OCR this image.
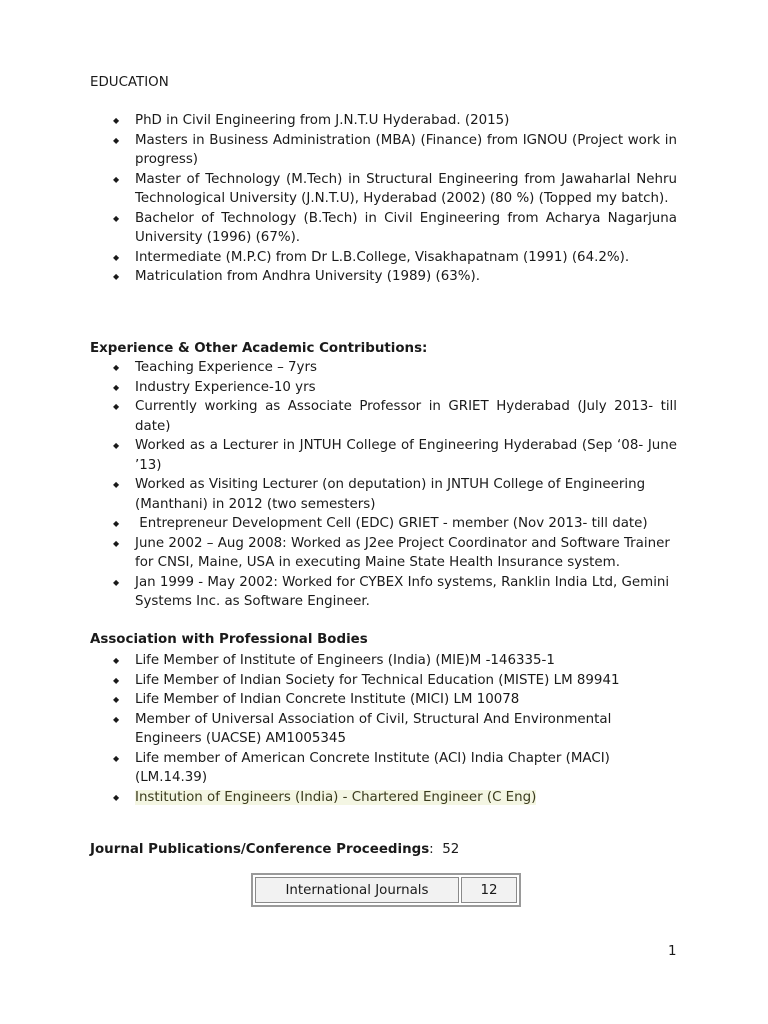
EDUCATION
◆ PhD in Civil Engineering from J.N.T.U Hyderabad. (2015)
◆ Masters in Business Administration (MBA) (Finance) from IGNOU (Project work in progress)
◆ Master of Technology (M.Tech) in Structural Engineering from Jawaharlal Nehru Technological University (J.N.T.U), Hyderabad (2002) (80 %) (Topped my batch).
◆ Bachelor of Technology (B.Tech) in Civil Engineering from Acharya Nagarjuna University (1996) (67%).
◆ Intermediate (M.P.C) from Dr L.B.College, Visakhapatnam (1991) (64.2%).
◆ Matriculation from Andhra University (1989) (63%).
Experience & Other Academic Contributions:
◆ Teaching Experience – 7yrs
◆ Industry Experience-10 yrs
◆ Currently working as Associate Professor in GRIET Hyderabad (July 2013- till date)
◆ Worked as a Lecturer in JNTUH College of Engineering Hyderabad (Sep ‘08- June ’13)
◆ Worked as Visiting Lecturer (on deputation) in JNTUH College of Engineering (Manthani) in 2012 (two semesters)
◆  Entrepreneur Development Cell (EDC) GRIET - member (Nov 2013- till date)
◆ June 2002 – Aug 2008: Worked as J2ee Project Coordinator and Software Trainer for CNSI, Maine, USA in executing Maine State Health Insurance system.
◆ Jan 1999 - May 2002: Worked for CYBEX Info systems, Ranklin India Ltd, Gemini Systems Inc. as Software Engineer.
Association with Professional Bodies
◆ Life Member of Institute of Engineers (India) (MIE)M -146335-1
◆ Life Member of Indian Society for Technical Education (MISTE) LM 89941
◆ Life Member of Indian Concrete Institute (MICI) LM 10078
◆ Member of Universal Association of Civil, Structural And Environmental Engineers (UACSE) AM1005345
◆ Life member of American Concrete Institute (ACI) India Chapter (MACI) (LM.14.39)
◆ Institution of Engineers (India) - Chartered Engineer (C Eng)
Journal Publications/Conference Proceedings: 52
International Journals	12
1
